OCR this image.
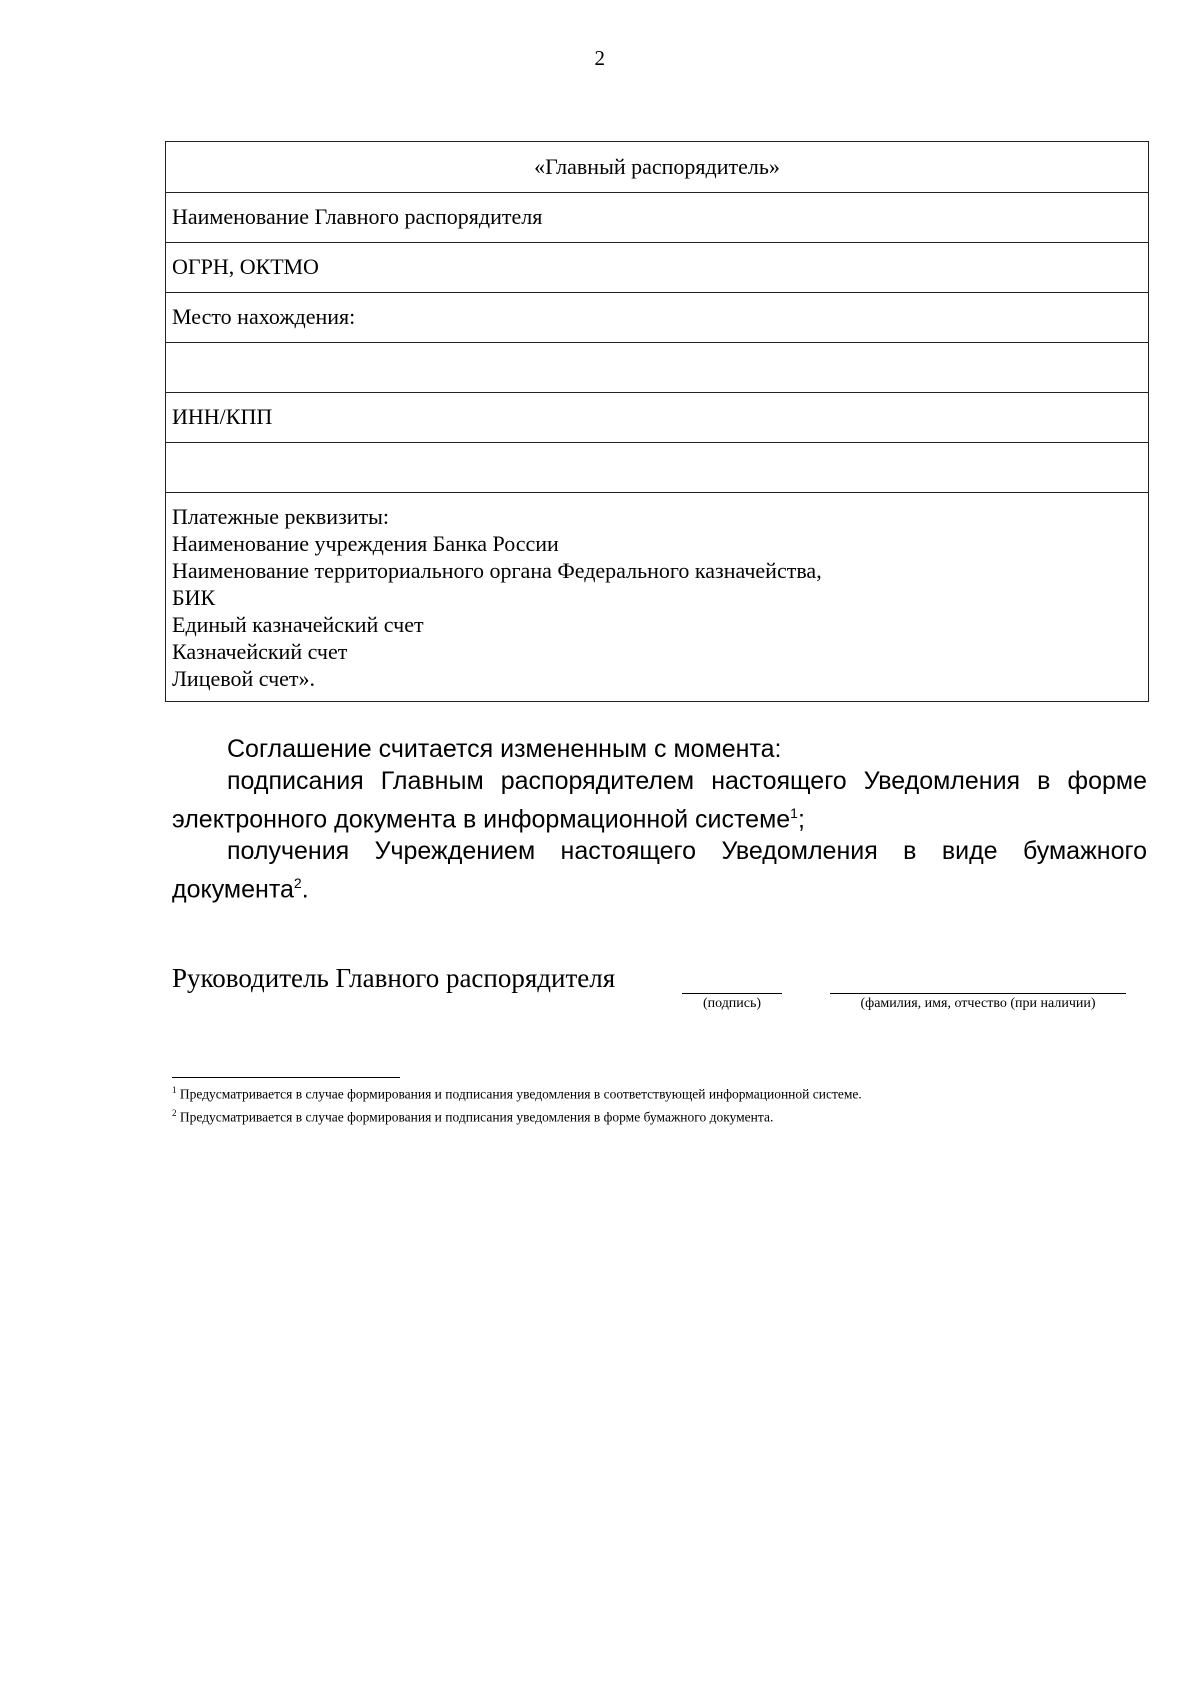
2
«Главный распорядитель»
Наименование Главного распорядителя
ОГРН, ОКТМО
Место нахождения:

ИНН/КПП

Платежные реквизиты:
Наименование учреждения Банка России
Наименование территориального органа Федерального казначейства,
БИК
Единый казначейский счет
Казначейский счет
Лицевой счет».

Соглашение считается измененным с момента:

подписания Главным распорядителем настоящего Уведомления в форме электронного документа в информационной системе$^1$;

получения Учреждением настоящего Уведомления в виде бумажного документа$^2$.

Руководитель Главного распорядителя
(подпись)	(фамилия, имя, отчество (при наличии)
$^1$ Предусматривается в случае формирования и подписания уведомления в соответствующей информационной системе.
$^2$ Предусматривается в случае формирования и подписания уведомления в форме бумажного документа.
